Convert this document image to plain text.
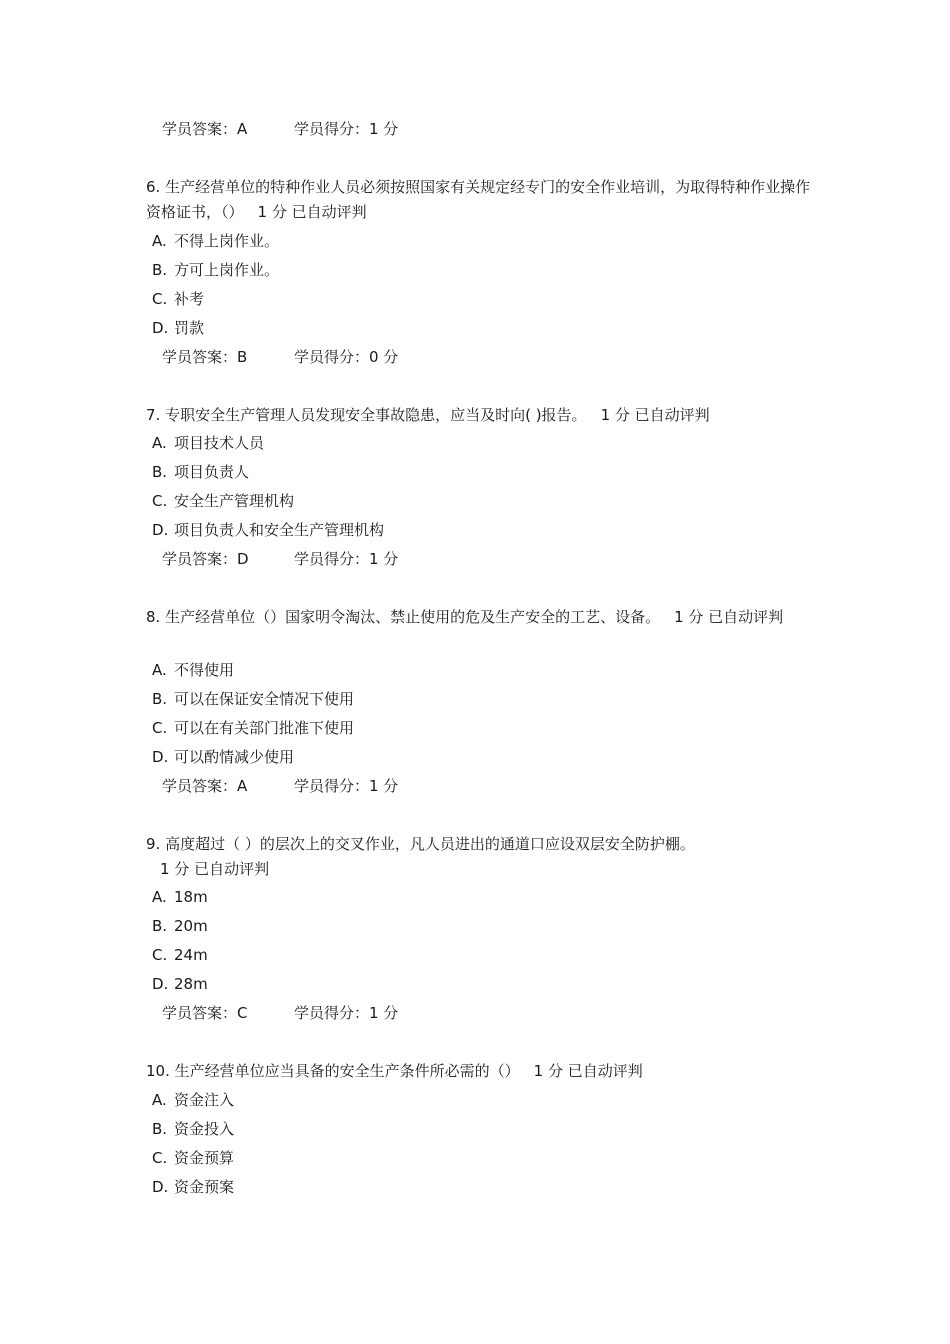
学员答案：A	学员得分：1 分
6. 生产经营单位的特种作业人员必须按照国家有关规定经专门的安全作业培训，为取得特种作业操作资格证书，（） 1 分 已自动评判
A. 不得上岗作业。
B. 方可上岗作业。
C. 补考
D. 罚款
学员答案：B	学员得分：0 分
7. 专职安全生产管理人员发现安全事故隐患，应当及时向( )报告。 1 分 已自动评判
A. 项目技术人员
B. 项目负责人
C. 安全生产管理机构
D. 项目负责人和安全生产管理机构
学员答案：D	学员得分：1 分
8. 生产经营单位（）国家明令淘汰、禁止使用的危及生产安全的工艺、设备。 1 分 已自动评判
A. 不得使用
B. 可以在保证安全情况下使用
C. 可以在有关部门批准下使用
D. 可以酌情减少使用
学员答案：A	学员得分：1 分
9. 高度超过（ ）的层次上的交叉作业，凡人员进出的通道口应设双层安全防护棚。1 分 已自动评判
A. 18m
B. 20m
C. 24m
D. 28m
学员答案：C	学员得分：1 分
10. 生产经营单位应当具备的安全生产条件所必需的（） 1 分 已自动评判
A. 资金注入
B. 资金投入
C. 资金预算
D. 资金预案
